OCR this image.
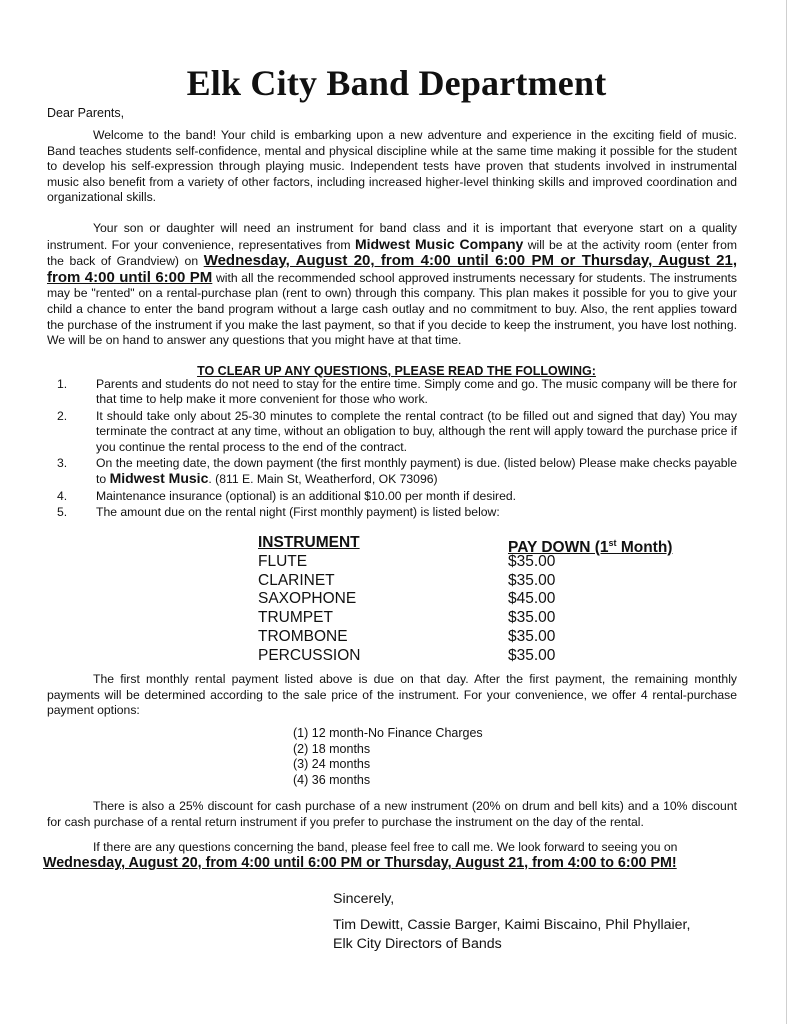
Elk City Band Department
Dear Parents,

Welcome to the band! Your child is embarking upon a new adventure and experience in the exciting field of music. Band teaches students self-confidence, mental and physical discipline while at the same time making it possible for the student to develop his self-expression through playing music. Independent tests have proven that students involved in instrumental music also benefit from a variety of other factors, including increased higher-level thinking skills and improved coordination and organizational skills.

Your son or daughter will need an instrument for band class and it is important that everyone start on a quality instrument. For your convenience, representatives from Midwest Music Company will be at the activity room (enter from the back of Grandview) on Wednesday, August 20, from 4:00 until 6:00 PM or Thursday, August 21, from 4:00 until 6:00 PM with all the recommended school approved instruments necessary for students. The instruments may be "rented" on a rental-purchase plan (rent to own) through this company. This plan makes it possible for you to give your child a chance to enter the band program without a large cash outlay and no commitment to buy. Also, the rent applies toward the purchase of the instrument if you make the last payment, so that if you decide to keep the instrument, you have lost nothing. We will be on hand to answer any questions that you might have at that time.

TO CLEAR UP ANY QUESTIONS, PLEASE READ THE FOLLOWING:
1. Parents and students do not need to stay for the entire time. Simply come and go. The music company will be there for that time to help make it more convenient for those who work.
2. It should take only about 25-30 minutes to complete the rental contract (to be filled out and signed that day) You may terminate the contract at any time, without an obligation to buy, although the rent will apply toward the purchase price if you continue the rental process to the end of the contract.
3. On the meeting date, the down payment (the first monthly payment) is due. (listed below) Please make checks payable to Midwest Music. (811 E. Main St, Weatherford, OK 73096)
4. Maintenance insurance (optional) is an additional $10.00 per month if desired.
5. The amount due on the rental night (First monthly payment) is listed below:
INSTRUMENT	PAY DOWN (1st Month)
FLUTE	$35.00
CLARINET	$35.00
SAXOPHONE	$45.00
TRUMPET	$35.00
TROMBONE	$35.00
PERCUSSION	$35.00

The first monthly rental payment listed above is due on that day. After the first payment, the remaining monthly payments will be determined according to the sale price of the instrument. For your convenience, we offer 4 rental-purchase payment options:

(1) 12 month-No Finance Charges
(2) 18 months
(3) 24 months
(4) 36 months

There is also a 25% discount for cash purchase of a new instrument (20% on drum and bell kits) and a 10% discount for cash purchase of a rental return instrument if you prefer to purchase the instrument on the day of the rental.

If there are any questions concerning the band, please feel free to call me. We look forward to seeing you on

Wednesday, August 20, from 4:00 until 6:00 PM or Thursday, August 21, from 4:00 to 6:00 PM!
Sincerely,
Tim Dewitt, Cassie Barger, Kaimi Biscaino, Phil Phyllaier,
Elk City Directors of Bands
